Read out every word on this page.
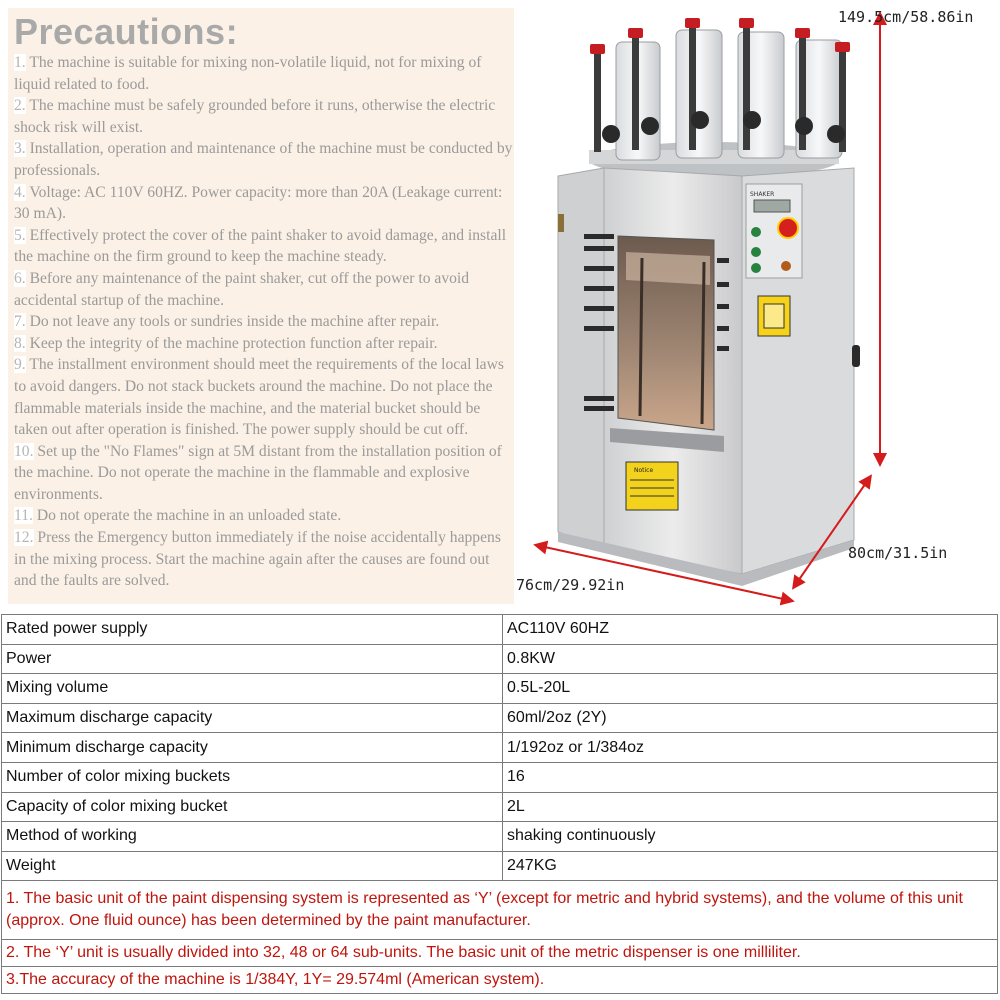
Precautions:
1. The machine is suitable for mixing non-volatile liquid, not for mixing of liquid related to food.
2. The machine must be safely grounded before it runs, otherwise the electric shock risk will exist.
3. Installation, operation and maintenance of the machine must be conducted by professionals.
4. Voltage: AC 110V 60HZ. Power capacity: more than 20A (Leakage current: 30 mA).
5. Effectively protect the cover of the paint shaker to avoid damage, and install the machine on the firm ground to keep the machine steady.
6. Before any maintenance of the paint shaker, cut off the power to avoid accidental startup of the machine.
7. Do not leave any tools or sundries inside the machine after repair.
8. Keep the integrity of the machine protection function after repair.
9. The installment environment should meet the requirements of the local laws to avoid dangers. Do not stack buckets around the machine. Do not place the flammable materials inside the machine, and the material bucket should be taken out after operation is finished. The power supply should be cut off.
10. Set up the "No Flames" sign at 5M distant from the installation position of the machine. Do not operate the machine in the flammable and explosive environments.
11. Do not operate the machine in an unloaded state.
12. Press the Emergency button immediately if the noise accidentally happens in the mixing process. Start the machine again after the causes are found out and the faults are solved.
SHAKER
Notice
149.5cm/58.86in
80cm/31.5in
76cm/29.92in
Rated power supply	AC110V 60HZ
Power	0.8KW
Mixing volume	0.5L-20L
Maximum discharge capacity	60ml/2oz (2Y)
Minimum discharge capacity	1/192oz or 1/384oz
Number of color mixing buckets	16
Capacity of color mixing bucket	2L
Method of working	shaking continuously
Weight	247KG
1. The basic unit of the paint dispensing system is represented as ‘Y’ (except for metric and hybrid systems), and the volume of this unit (approx. One fluid ounce) has been determined by the paint manufacturer.	
2. The ‘Y’ unit is usually divided into 32, 48 or 64 sub-units. The basic unit of the metric dispenser is one milliliter.	
3.The accuracy of the machine is 1/384Y, 1Y= 29.574ml (American system).	
